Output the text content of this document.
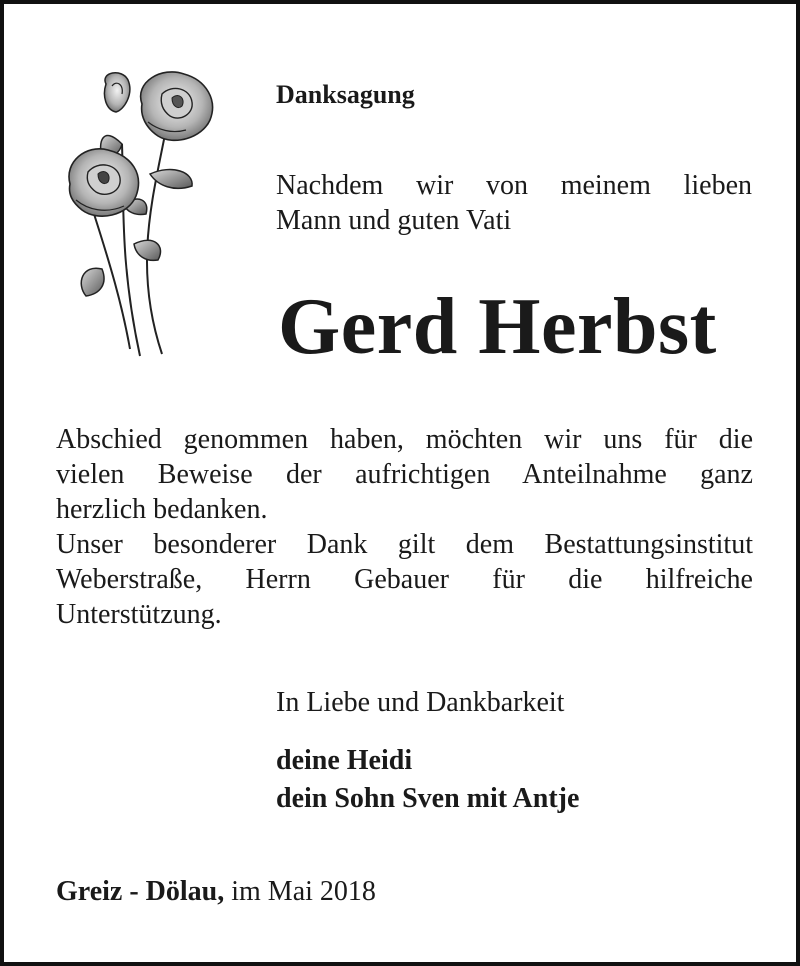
Danksagung
Nachdem wir von meinem lieben
Mann und guten Vati
Gerd Herbst
Abschied genommen haben, möchten wir uns für die
vielen Beweise der aufrichtigen Anteilnahme ganz
herzlich bedanken.
Unser besonderer Dank gilt dem Bestattungsinstitut
Weberstraße, Herrn Gebauer für die hilfreiche
Unterstützung.
In Liebe und Dankbarkeit
deine Heidi
dein Sohn Sven mit Antje
Greiz - Dölau, im Mai 2018
